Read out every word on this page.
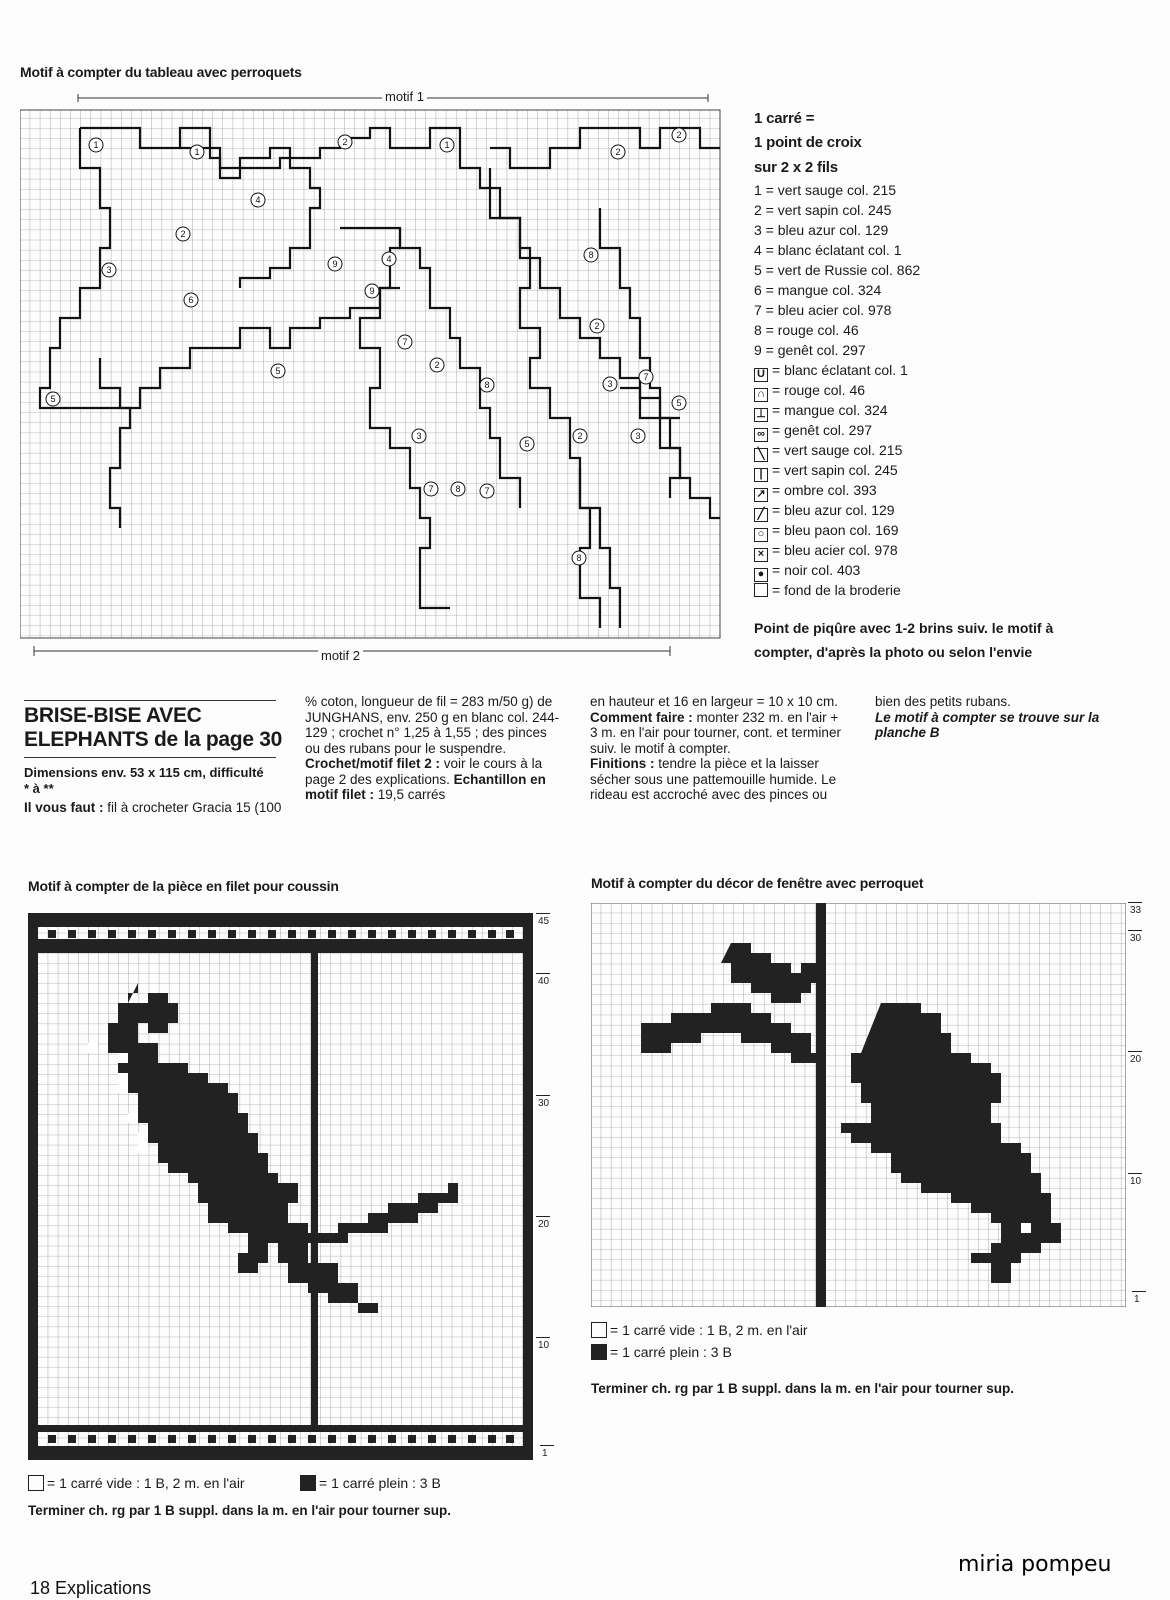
Motif à compter du tableau avec perroquets
1
1
2	1
2
2
4
2
3
9	4
9
8
6
2
7
5
2
8	3
7
5
5
3
5
2	3
7 8	7
8
motif 1
motif 2
1 carré =
1 point de croix
sur 2 x 2 fils
1 = vert sauge col. 215
2 = vert sapin col. 245
3 = bleu azur col. 129
4 = blanc éclatant col. 1
5 = vert de Russie col. 862
6 = mangue col. 324
7 = bleu acier col. 978
8 = rouge col. 46
9 = genêt col. 297
U = blanc éclatant col. 1
∩ = rouge col. 46
⊥ = mangue col. 324
∞ = genêt col. 297
╲ = vert sauge col. 215
| = vert sapin col. 245
↗ = ombre col. 393
╱ = bleu azur col. 129
○ = bleu paon col. 169
× = bleu acier col. 978
● = noir col. 403
= fond de la broderie
Point de piqûre avec 1-2 brins suiv. le motif à compter, d'après la photo ou selon l'envie
BRISE-BISE AVEC
ELEPHANTS de la page 30
Dimensions env. 53 x 115 cm, difficulté
* à **
Il vous faut : fil à crocheter Gracia 15 (100
% coton, longueur de fil = 283 m/50 g) de JUNGHANS, env. 250 g en blanc col. 244-129 ; crochet n° 1,25 à 1,55 ; des pinces ou des rubans pour le suspendre. Crochet/motif filet 2 : voir le cours à la page 2 des explications. Echantillon en motif filet : 19,5 carrés
en hauteur et 16 en largeur = 10 x 10 cm.
Comment faire : monter 232 m. en l'air + 3 m. en l'air pour tourner, cont. et terminer suiv. le motif à compter.
Finitions : tendre la pièce et la laisser sécher sous une pattemouille humide. Le rideau est accroché avec des pinces ou
bien des petits rubans.
Le motif à compter se trouve sur la planche B
Motif à compter de la pièce en filet pour coussin
45
40
30
20
10
1
= 1 carré vide : 1 B, 2 m. en l'air	= 1 carré plein : 3 B
Terminer ch. rg par 1 B suppl. dans la m. en l'air pour tourner sup.
Motif à compter du décor de fenêtre avec perroquet
33
30
20
10
1
= 1 carré vide : 1 B, 2 m. en l'air
= 1 carré plein : 3 B
Terminer ch. rg par 1 B suppl. dans la m. en l'air pour tourner sup.
miria pompeu
18 Explications
